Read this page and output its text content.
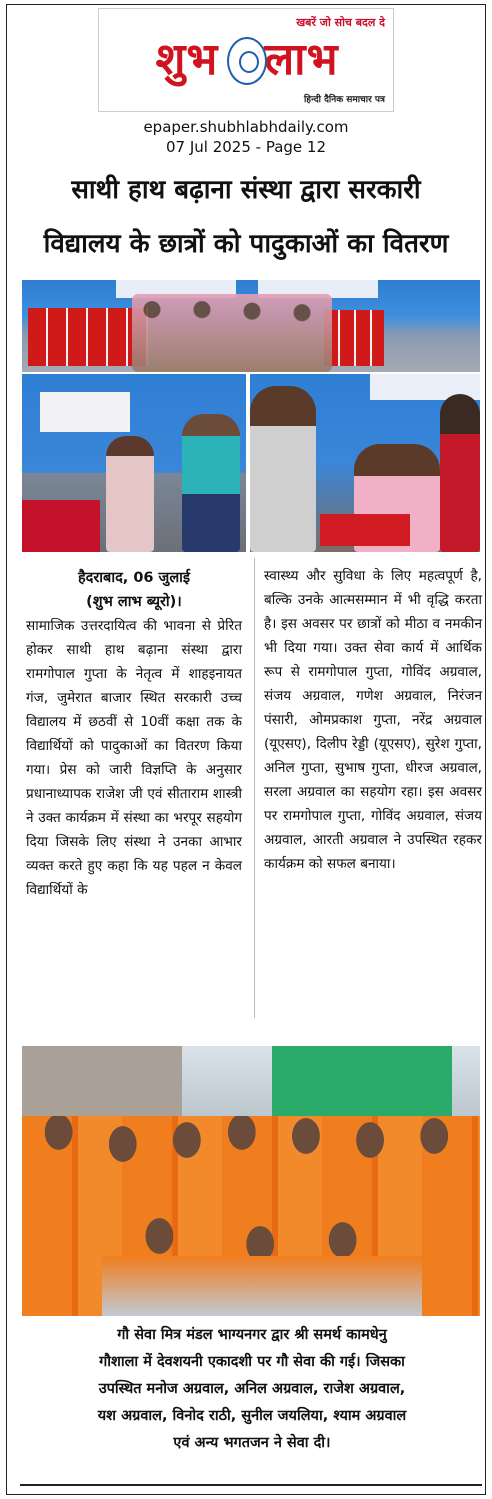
खबरें जो सोच बदल दे
शुभ लाभ
हिन्दी दैनिक समाचार पत्र
epaper.shubhlabhdaily.com
07 Jul 2025 - Page 12
साथी हाथ बढ़ाना संस्था द्वारा सरकारी
विद्यालय के छात्रों को पादुकाओं का वितरण
हैदराबाद, 06 जुलाई
(शुभ लाभ ब्यूरो)।
सामाजिक उत्तरदायित्व की भावना से प्रेरित होकर साथी हाथ बढ़ाना संस्था द्वारा रामगोपाल गुप्ता के नेतृत्व में शाहइनायत गंज, जुमेरात बाजार स्थित सरकारी उच्च विद्यालय में छठवीं से 10वीं कक्षा तक के विद्यार्थियों को पादुकाओं का वितरण किया गया। प्रेस को जारी विज्ञप्ति के अनुसार प्रधानाध्यापक राजेश जी एवं सीताराम शास्त्री ने उक्त कार्यक्रम में संस्था का भरपूर सहयोग दिया जिसके लिए संस्था ने उनका आभार व्यक्त करते हुए कहा कि यह पहल न केवल विद्यार्थियों के
स्वास्थ्य और सुविधा के लिए महत्वपूर्ण है, बल्कि उनके आत्मसम्मान में भी वृद्धि करता है। इस अवसर पर छात्रों को मीठा व नमकीन भी दिया गया। उक्त सेवा कार्य में आर्थिक रूप से रामगोपाल गुप्ता, गोविंद अग्रवाल, संजय अग्रवाल, गणेश अग्रवाल, निरंजन पंसारी, ओमप्रकाश गुप्ता, नरेंद्र अग्रवाल (यूएसए), दिलीप रेड्डी (यूएसए), सुरेश गुप्ता, अनिल गुप्ता, सुभाष गुप्ता, धीरज अग्रवाल, सरला अग्रवाल का सहयोग रहा। इस अवसर पर रामगोपाल गुप्ता, गोविंद अग्रवाल, संजय अग्रवाल, आरती अग्रवाल ने उपस्थित रहकर कार्यक्रम को सफल बनाया।
गौ सेवा मित्र मंडल भाग्यनगर द्वार श्री समर्थ कामधेनु
गौशाला में देवशयनी एकादशी पर गौ सेवा की गई। जिसका
उपस्थित मनोज अग्रवाल, अनिल अग्रवाल, राजेश अग्रवाल,
यश अग्रवाल, विनोद राठी, सुनील जयलिया, श्याम अग्रवाल
एवं अन्य भगतजन ने सेवा दी।
